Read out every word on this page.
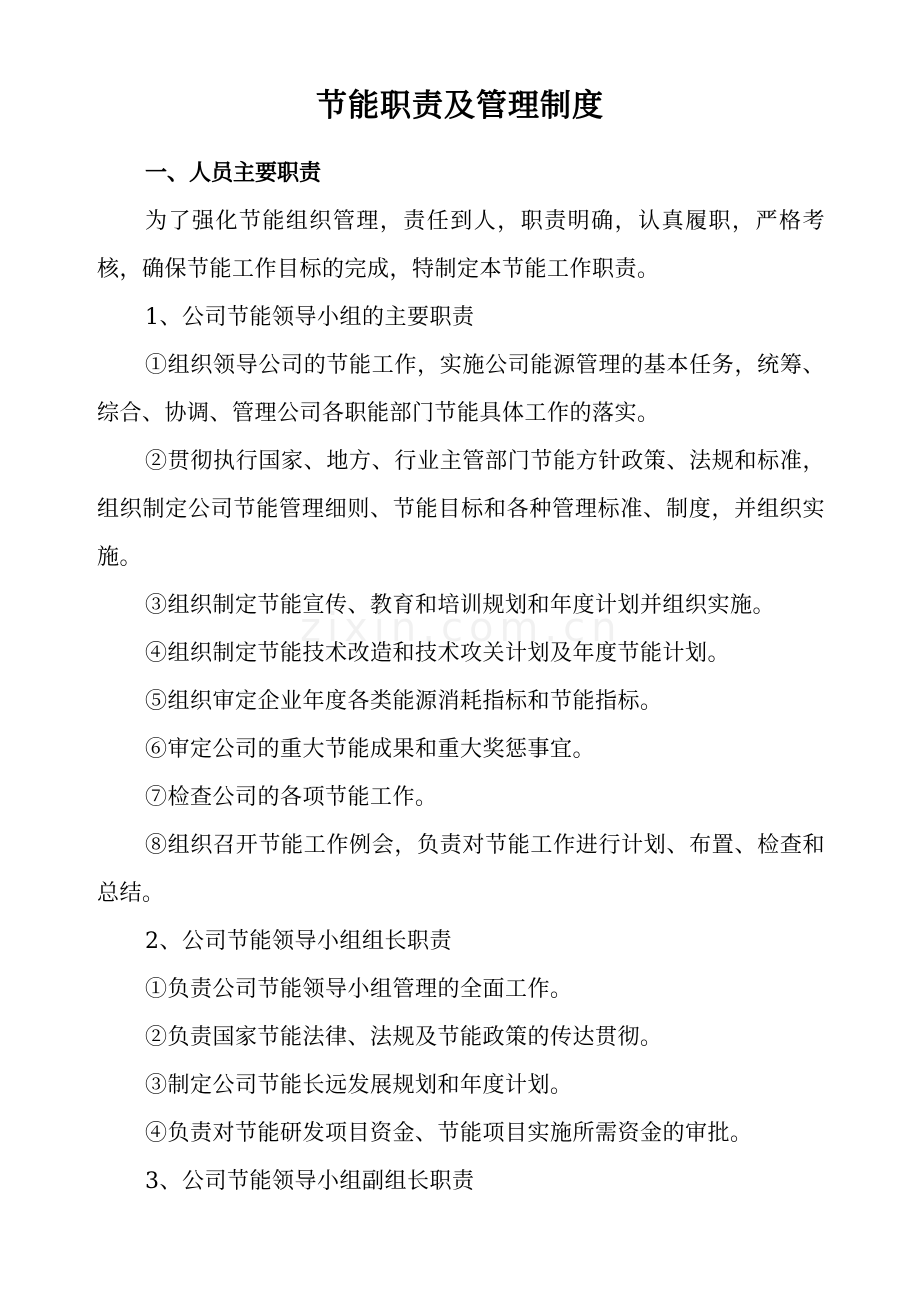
节能职责及管理制度
zixin.com.cn

一、人员主要职责

为了强化节能组织管理，责任到人，职责明确，认真履职，严格考核，确保节能工作目标的完成，特制定本节能工作职责。

1、公司节能领导小组的主要职责

①组织领导公司的节能工作，实施公司能源管理的基本任务，统筹、综合、协调、管理公司各职能部门节能具体工作的落实。

②贯彻执行国家、地方、行业主管部门节能方针政策、法规和标准，组织制定公司节能管理细则、节能目标和各种管理标准、制度，并组织实施。

③组织制定节能宣传、教育和培训规划和年度计划并组织实施。

④组织制定节能技术改造和技术攻关计划及年度节能计划。

⑤组织审定企业年度各类能源消耗指标和节能指标。

⑥审定公司的重大节能成果和重大奖惩事宜。

⑦检查公司的各项节能工作。

⑧组织召开节能工作例会，负责对节能工作进行计划、布置、检查和总结。

2、公司节能领导小组组长职责

①负责公司节能领导小组管理的全面工作。

②负责国家节能法律、法规及节能政策的传达贯彻。

③制定公司节能长远发展规划和年度计划。

④负责对节能研发项目资金、节能项目实施所需资金的审批。

3、公司节能领导小组副组长职责
